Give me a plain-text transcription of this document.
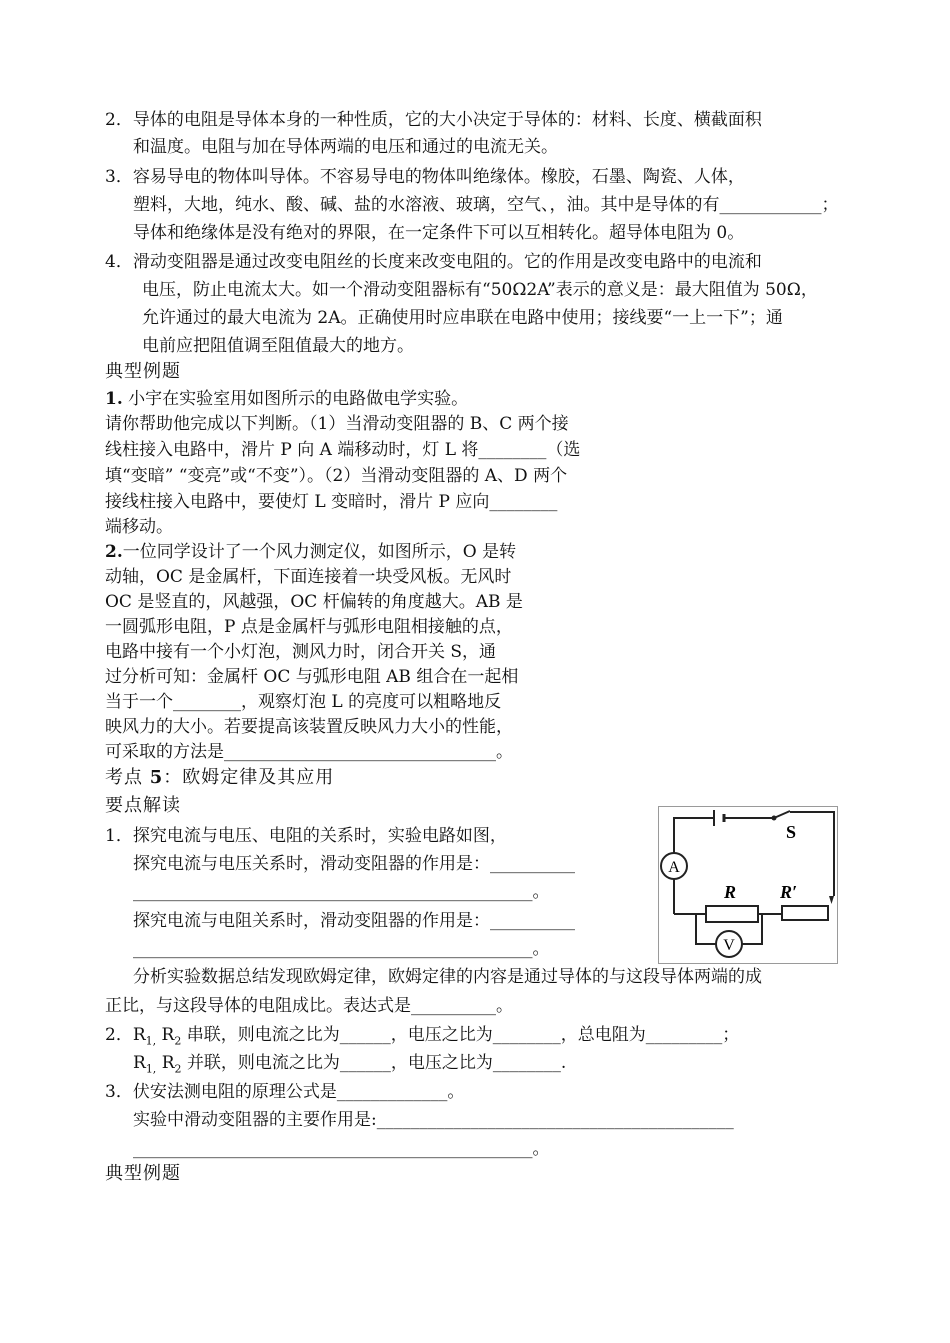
2．导体的电阻是导体本身的一种性质，它的大小决定于导体的：材料、长度、横截面积
和温度。电阻与加在导体两端的电压和通过的电流无关。
3．容易导电的物体叫导体。不容易导电的物体叫绝缘体。橡胶，石墨、陶瓷、人体，
塑料，大地，纯水、酸、碱、盐的水溶液、玻璃，空气、，油。其中是导体的有____________；
导体和绝缘体是没有绝对的界限，在一定条件下可以互相转化。超导体电阻为 0。
4．滑动变阻器是通过改变电阻丝的长度来改变电阻的。它的作用是改变电路中的电流和
电压，防止电流太大。如一个滑动变阻器标有“50Ω2A”表示的意义是：最大阻值为 50Ω，
允许通过的最大电流为 2A。正确使用时应串联在电路中使用；接线要“一上一下”；通
电前应把阻值调至阻值最大的地方。
典型例题
1. 小宇在实验室用如图所示的电路做电学实验。
请你帮助他完成以下判断。（1）当滑动变阻器的 B、C 两个接
线柱接入电路中，滑片 P 向 A 端移动时，灯 L 将________（选
填“变暗” “变亮”或“不变”）。（2）当滑动变阻器的 A、D 两个
接线柱接入电路中，要使灯 L 变暗时，滑片 P 应向________
端移动。
2.一位同学设计了一个风力测定仪，如图所示，O 是转
动轴，OC 是金属杆，下面连接着一块受风板。无风时
OC 是竖直的，风越强，OC 杆偏转的角度越大。AB 是
一圆弧形电阻，P 点是金属杆与弧形电阻相接触的点，
电路中接有一个小灯泡，测风力时，闭合开关 S，通
过分析可知：金属杆 OC 与弧形电阻 AB 组合在一起相
当于一个________，观察灯泡 L 的亮度可以粗略地反
映风力的大小。若要提高该装置反映风力大小的性能，
可采取的方法是________________________________。
考点 5：欧姆定律及其应用
要点解读
1．探究电流与电压、电阻的关系时，实验电路如图，
探究电流与电压关系时，滑动变阻器的作用是：__________
_______________________________________________。
探究电流与电阻关系时，滑动变阻器的作用是：__________
_______________________________________________。
分析实验数据总结发现欧姆定律，欧姆定律的内容是通过导体的与这段导体两端的成
正比，与这段导体的电阻成比。表达式是__________。
2．$R_{1,}$ $R_2$ 串联，则电流之比为______，电压之比为________，总电阻为_________；
$R_{1,}$ $R_2$ 并联，则电流之比为______，电压之比为________.
3．伏安法测电阻的原理公式是_____________。
实验中滑动变阻器的主要作用是:__________________________________________
_______________________________________________。
典型例题
S
A
R R′
V
